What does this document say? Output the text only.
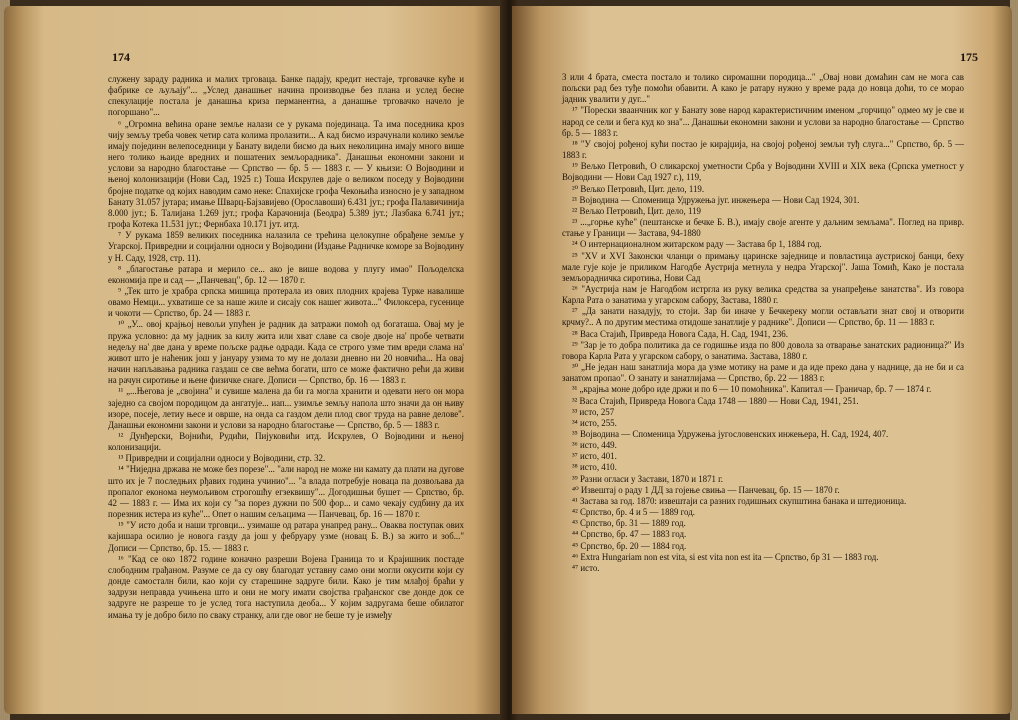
174

служену зараду радника и малих трговаца. Банке падају, кредит нестаје, трговачке куће и фабрике се љуљају"... „Услед данашњег начина производње без плана и услед бесне спекулације постала је данашња криза перманентна, а данашње трговачко начело је погоршано"...

⁶ „Огромна већина оране земље налази се у рукама појединаца. Та има поседника кроз чију земљу треба човек четир сата колима пролазити... А кад бисмо израчунали колико земље имају појединн велепоседници у Банату видели бисмо да њих неколицина имају много више него толико њаиде вредних и пошатених земљорадника". Данашњи економни закони и услови за народно благостање — Српство — бр. 5 — 1883 г. — У књизи: О Војводини и њеној колонизацији (Нови Сад, 1925 г.) Тоша Искрулев даје о великом поседу у Војводини бројне податке од којих наводим само неке: Спахијске грофа Чекоњића износно је у западном Банату 31.057 јутара; имање Шварц-Бајзавијево (Орославоши) 6.431 јут.; грофа Палавичинија 8.000 јут.; Б. Талијана 1.269 јут.; грофа Карачонија (Беодра) 5.389 јут.; Лазбака 6.741 јут.; грофа Котека 11.531 јут.; Фернбаха 10.171 јут. итд.

⁷ У рукама 1859 великих поседника налазила се трећина целокупне обрађене земље у Угарској. Привредни и социјални односи у Војводини (Издање Радничке коморе за Војводину у Н. Саду, 1928, стр. 11).

⁸ „благостање ратара и мерило се... ако је више водова у плугу имао" Пољоделска економија пре и сад — „Панчевац", бр. 12 — 1870 г.

⁹ „Тек што је храбра српска мишица протерала из ових плодних крајева Турке навалише овамо Немци... ухватише се за наше жиле и сисају сок нашег живота..." Филоксера, гусенице и чокоти — Српство, бр. 24 — 1883 г.

¹⁰ „У... овој крајњој невољи упућен је радник да затражи помоћ од богаташа. Овај му је пружа условно: да му јадник за килу жита или хват славе са своје двоје на' пробе четвати недељу на' две дана у време пољске радње одради. Када се строго узме тим вреди слама на' живот што је наћеник још у јануару узима то му не долази дневно ни 20 новчића... На овај начин напљавања радника газдаш се све већма богати, што се може фактично рећи да живи на рачун сиротиње и њене физичке снаге. Дописи — Српство, бр. 16 — 1883 г.

¹¹ „...Његова је „својина" и сувише малена да би га могла хранити и одевати него он мора заједно са својом породицом да ангатује... иап... узимље земљу напола што значи да он њиву изоре, посеје, летиу њесе и овршe, на онда са газдом дели плод свог труда на равне делове". Данашњи економни закони и услови за народно благостање — Српство, бр. 5 — 1883 г.

¹² Дунђерски, Војнићи, Рудићи, Пијуковићи итд. Искрулев, О Војводини и њеној колонизацији.

¹³ Привредни и социјални односи у Војводини, стр. 32.

¹⁴ "Ниједна држава не може без порезе"... "али народ не може ни камату да плати на дугове што их је 7 последњих рђавих година учинио"... "а влада потребује новаца па дозвољава да пропалог економа неумољивом строгошћу егзеквишу"... Догодишњи бушет — Српство, бр. 42 — 1883 г. — Има их који су "за порез дужни по 500 фор... и само чекају судбину да их порезник истера из куће"... Опет о нашим сељацима — Панчевац, бр. 16 — 1870 г.

¹⁵ "У исто доба и наши трговци... узимаше од ратара унапред рану... Оваква поступак ових кајишара осилио је новога газду да још у фебруару узме (новац Б. В.) за жито и зоб..." Дописи — Српство, бр. 15. — 1883 г.

¹⁶ "Кад се око 1872 године коначно разреши Војена Граница то и Крајишник постаде слободним грађаном. Разуме се да су ову благодат уставну само они могли окусити који су донде самосталн били, као који су старешине задруге били. Како је тим млађој браћи у задрузи неправда учињена што и они не могу имати својства грађанског све донде док се задруге не разреше то је услед тога наступила деоба... У којим задругама беше обилатог имања ту је добро било по сваку странку, али где овог не беше ту је између

175

3 или 4 брата, сместа постало и толико сиромашни породица..." „Овај нови домаћин сам не мога сав пољски рад без туђе помоћи обавити. А како је ратару нужно у време рада до новца доћи, то се морао јадник увалити у дуг..."

¹⁷ "Порески зваанчник ког у Банату зове народ карактеристичним именом „горчицо" одмео му је све и народ се сели и бега куд ко зна"... Данашњи економни закони и услови за народно благостање — Српство бр. 5 — 1883 г.

¹⁸ "У својој рођеној кући постао је кирајџија, на својој рођеној земљи туђ слуга..." Српство, бр. 5 — 1883 г.

¹⁹ Вељко Петровић, О сликарској уметности Срба у Војводини XVIII и XIX века (Српска уметност у Војводини — Нови Сад 1927 г.), 119,

²⁰ Вељко Петровић, Цит. дело, 119.

²¹ Војводина — Споменица Удружења југ. инжењера — Нови Сад 1924, 301.

²² Вељко Петровић, Цит. дело, 119

²³ ...„горње куће" (пештанске и бечке Б. В.), имају своје агенте у даљним земљама". Поглед на привр. стање у Граници — Застава, 94-1880

²⁴ О интернационалном житарском раду — Застава бр 1, 1884 год.

²⁵ "XV и XVI Законски чланци о примању царинске заједнице и повластица аустриској банци, беху мале гује које је приликом Нагодбе Аустрија метнула у недра Угарској". Јаша Томић, Како је постала земљорадничка сиротиња, Нови Сад

²⁶ "Аустрија нам је Нагодбом истргла из руку велика средства за унапређење занатства". Из говора Карла Рата о занатима у угарском сабору, Застава, 1880 г.

²⁷ „Да занати назадују, то стоји. Зар би иначе у Бечкереку могли остављати знат свој и отворити крчму?.. А по другим местима отидоше занатлије у раднике". Дописи — Српство, бр. 11 — 1883 г.

²⁸ Васа Стајић, Привреда Новога Сада, Н. Сад, 1941, 236.

²⁹ "Зар је то добра политика да се годишње изда по 800 довола за отварање занатских радионица?" Из говора Карла Рата у угарском сабору, о занатима. Застава, 1880 г.

³⁰ „Не један наш занатлија мора да узме мотику на раме и да иде преко дана у наднице, да не би и са занатом пропао". О занату и занатлијама — Српство, бр. 22 — 1883 г.

³¹ „крајња моне добро иде држи и по 6 — 10 помоћника". Капитал — Граничар, бр. 7 — 1874 г.

³² Васа Стајић, Привреда Новога Сада 1748 — 1880 — Нови Сад, 1941, 251.

³³ исто, 257

³⁴ исто, 255.

³⁵ Војводина — Споменица Удружења југословенских инжењера, Н. Сад, 1924, 407.

³⁶ исто, 449.

³⁷ исто, 401.

³⁸ исто, 410.

³⁹ Разни огласи у Застави, 1870 и 1871 г.

⁴⁰ Извештај о раду 1 ДД за гојење свиња — Панчевац, бр. 15 — 1870 г.

⁴¹ Застава за год. 1870: извештаји са разних годишњих скупштина банака и штедионица.

⁴² Српство, бр. 4 и 5 — 1889 год.

⁴³ Српство, бр. 31 — 1889 год.

⁴⁴ Српство, бр. 47 — 1883 год.

⁴⁵ Српство, бр. 20 — 1884 год.

⁴⁶ Extra Hungariam non est vita, si est vita non est ita — Српство, бр 31 — 1883 год.

⁴⁷ исто.
